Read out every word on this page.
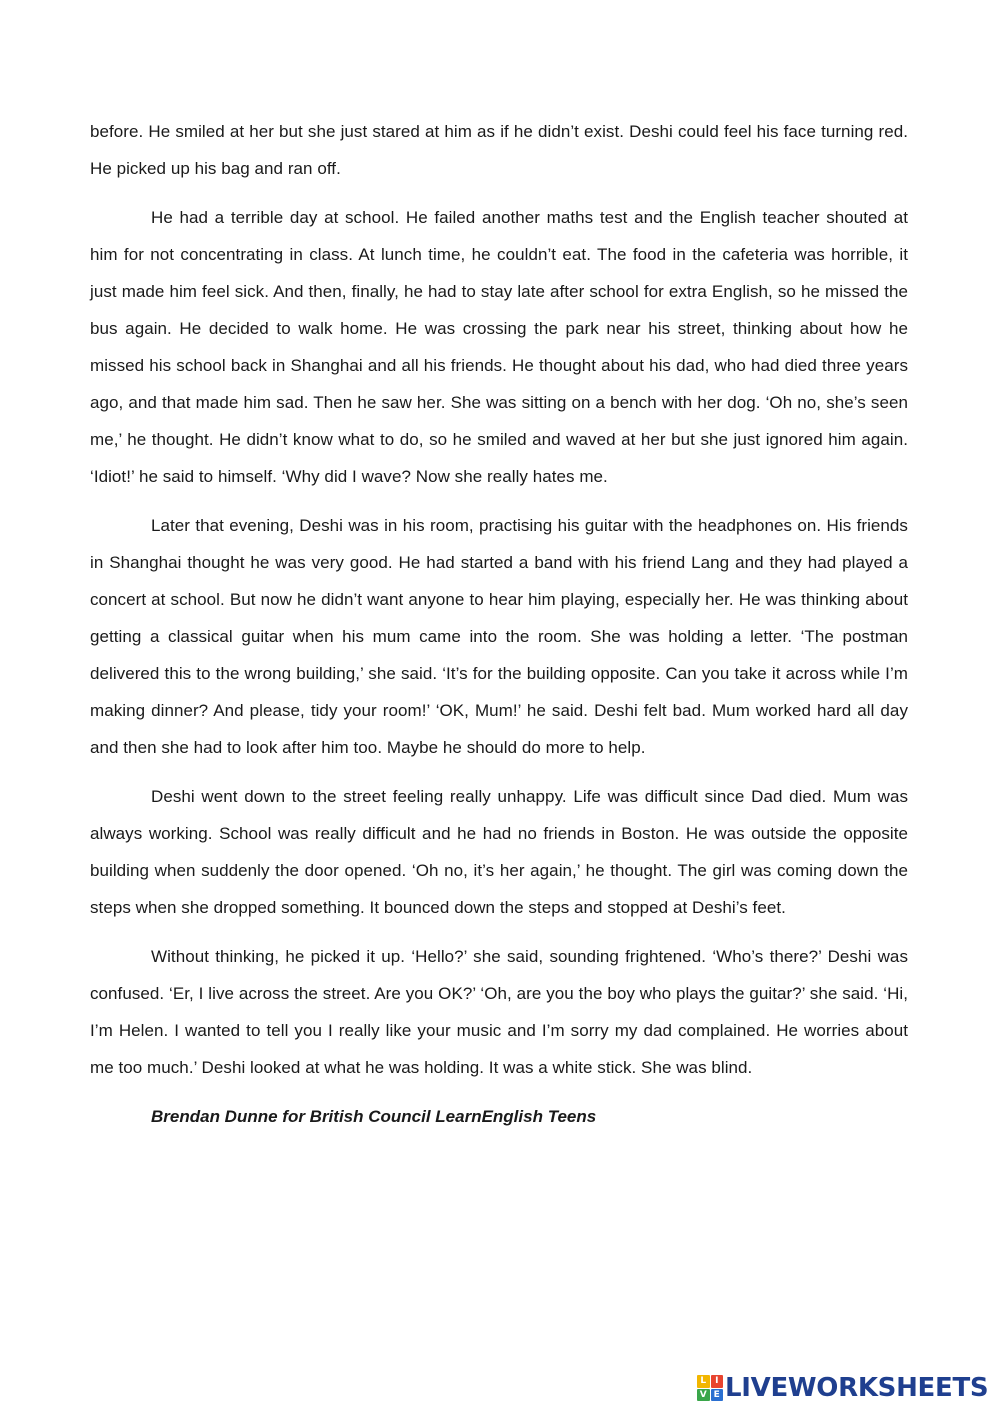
before. He smiled at her but she just stared at him as if he didn’t exist. Deshi could feel his face turning red. He picked up his bag and ran off.

He had a terrible day at school. He failed another maths test and the English teacher shouted at him for not concentrating in class. At lunch time, he couldn’t eat. The food in the cafeteria was horrible, it just made him feel sick. And then, finally, he had to stay late after school for extra English, so he missed the bus again. He decided to walk home. He was crossing the park near his street, thinking about how he missed his school back in Shanghai and all his friends. He thought about his dad, who had died three years ago, and that made him sad. Then he saw her. She was sitting on a bench with her dog. ‘Oh no, she’s seen me,’ he thought. He didn’t know what to do, so he smiled and waved at her but she just ignored him again. ‘Idiot!’ he said to himself. ‘Why did I wave? Now she really hates me.

Later that evening, Deshi was in his room, practising his guitar with the headphones on. His friends in Shanghai thought he was very good. He had started a band with his friend Lang and they had played a concert at school. But now he didn’t want anyone to hear him playing, especially her. He was thinking about getting a classical guitar when his mum came into the room. She was holding a letter. ‘The postman delivered this to the wrong building,’ she said. ‘It’s for the building opposite. Can you take it across while I’m making dinner? And please, tidy your room!’ ‘OK, Mum!’ he said. Deshi felt bad. Mum worked hard all day and then she had to look after him too. Maybe he should do more to help.

Deshi went down to the street feeling really unhappy. Life was difficult since Dad died. Mum was always working. School was really difficult and he had no friends in Boston. He was outside the opposite building when suddenly the door opened. ‘Oh no, it’s her again,’ he thought. The girl was coming down the steps when she dropped something. It bounced down the steps and stopped at Deshi’s feet.

Without thinking, he picked it up. ‘Hello?’ she said, sounding frightened. ‘Who’s there?’ Deshi was confused. ‘Er, I live across the street. Are you OK?’ ‘Oh, are you the boy who plays the guitar?’ she said. ‘Hi, I’m Helen. I wanted to tell you I really like your music and I’m sorry my dad complained. He worries about me too much.’ Deshi looked at what he was holding. It was a white stick. She was blind.

Brendan Dunne for British Council LearnEnglish Teens
L I
V E LIVEWORKSHEETS
